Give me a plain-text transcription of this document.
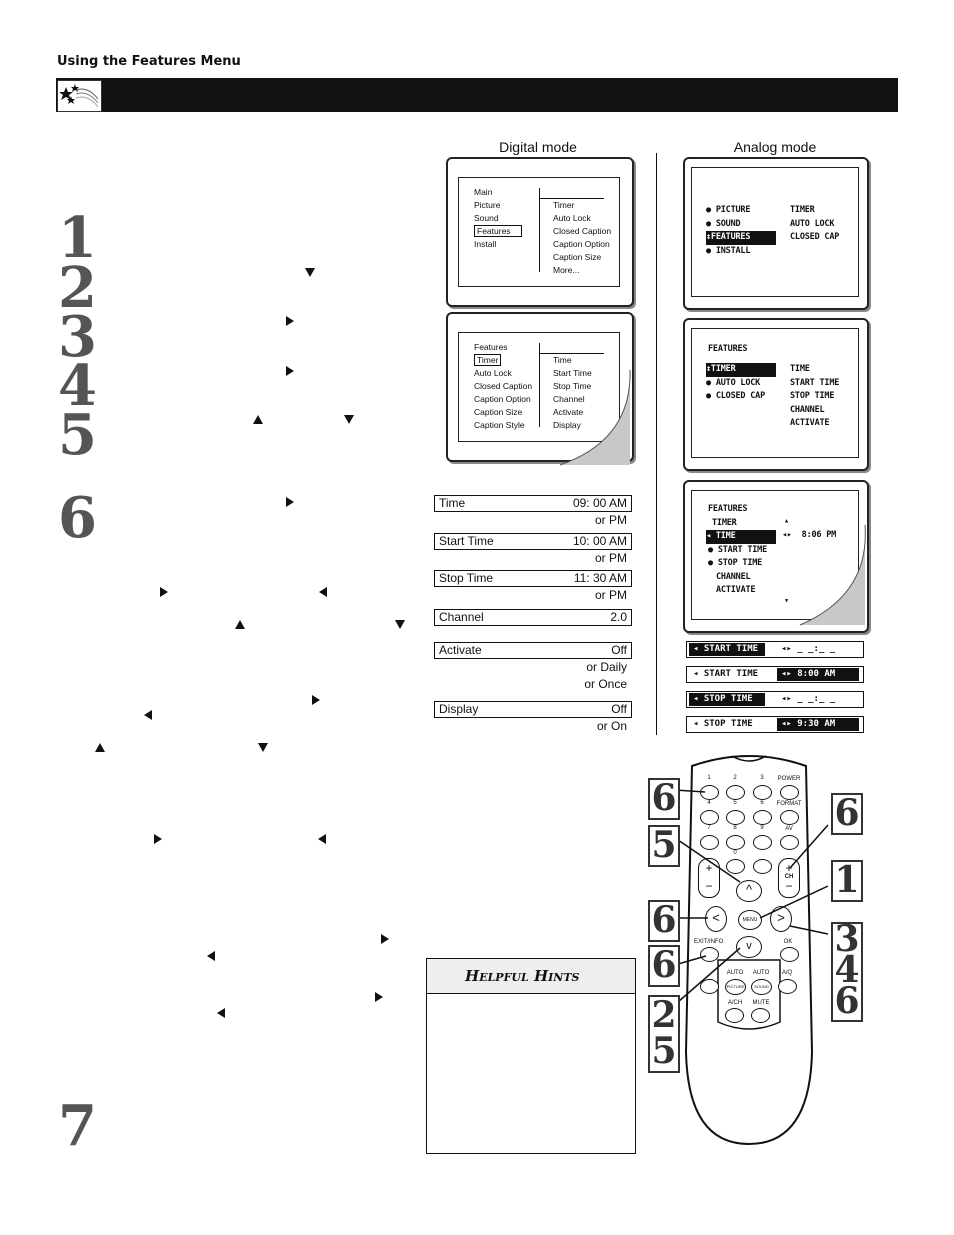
Using the Features Menu
1
2
3
4
5
6
7
Digital mode	Analog mode
Main
Picture
Sound
Features
Install
Timer
Auto Lock
Closed Caption
Caption Option
Caption Size
More...
Features
Timer
Auto Lock
Closed Caption
Caption Option
Caption Size
Caption Style
Time
Start Time
Stop Time
Channel
Activate
Display
Time	09: 00 AM
or PM
Start Time	10: 00 AM
or PM
Stop Time	11: 30 AM
or PM
Channel	2.0
Activate	Off
or Daily
or Once
Display	Off
or On
● PICTURE
● SOUND
↕FEATURES
● INSTALL
TIMER
AUTO LOCK
CLOSED CAP
FEATURES
↕TIMER
● AUTO LOCK
● CLOSED CAP
TIME
START TIME
STOP TIME
CHANNEL
ACTIVATE
FEATURES
TIMER
◂ TIME
● START TIME
● STOP TIME
CHANNEL
ACTIVATE
▴
◂▸  8:06 PM
▾
◂ START TIME	◂▸ _ _:_ _
◂ START TIME	◂▸ 8:00 AM
◂ STOP TIME	◂▸ _ _:_ _
◂ STOP TIME	◂▸ 9:30 AM
HELPFUL HINTS
1	2	3	POWER
4	5	6	FORMAT
7	8	9	AV
0
+
−
+
−
CH
^
<	>
MENU
v
EXIT/INFO	OK
AUTO
PICTURE
AUTO
SOUND
A/Q
A/CH	MUTE
6
5
6
6
2
5
6
1
3
4
6
